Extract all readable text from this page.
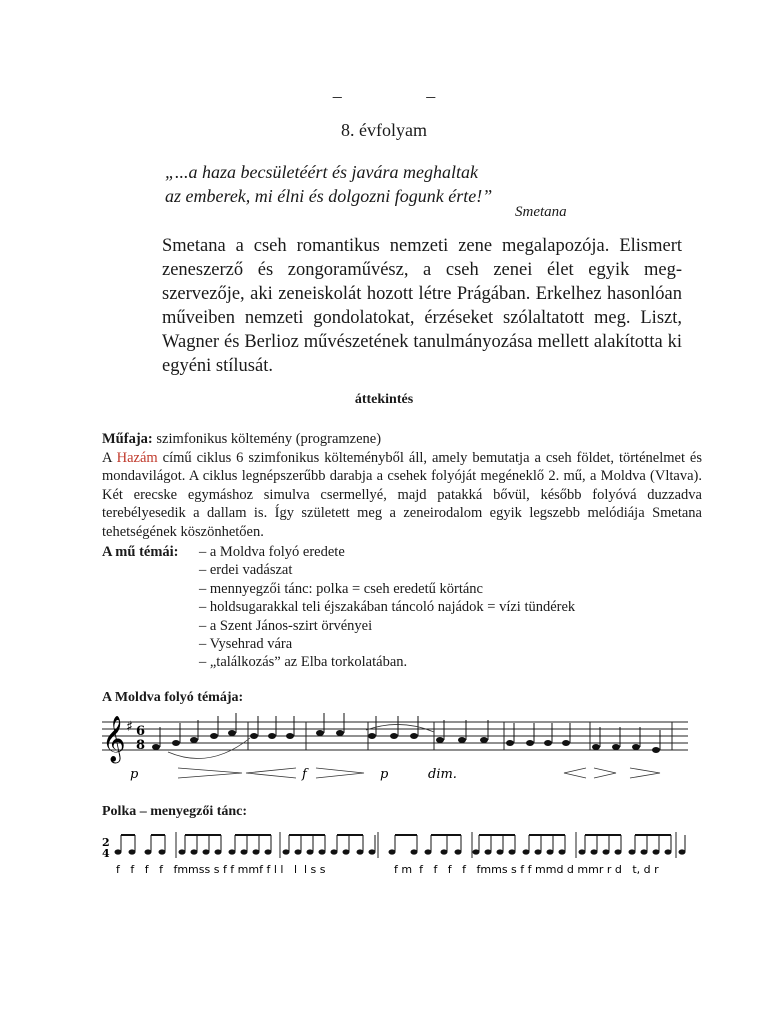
– –
8. évfolyam
„...a haza becsületéért és javára meghaltak
az emberek, mi élni és dolgozni fogunk érte!”
Smetana
Smetana a cseh romantikus nemzeti zene megalapozója. Elismert zeneszerző és zongoraművész, a cseh zenei élet egyik meg-szervezője, aki zeneiskolát hozott létre Prágában. Erkelhez hasonlóan műveiben nemzeti gondolatokat, érzéseket szólaltatott meg. Liszt, Wagner és Berlioz művészetének tanulmányozása mellett alakította ki egyéni stílusát.
áttekintés
Műfaja: szimfonikus költemény (programzene)
A Hazám című ciklus 6 szimfonikus költeményből áll, amely bemutatja a cseh földet, történelmet és mondavilágot. A ciklus legnépszerűbb darabja a csehek folyóját megéneklő 2. mű, a Moldva (Vltava). Két erecske egymáshoz simulva csermellyé, majd patakká bővül, később folyóvá duzzadva terebélyesedik a dallam is. Így született meg a zeneirodalom egyik legszebb melódiája Smetana tehetségének köszönhetően.
A mű témái: – a Moldva folyó eredete
– erdei vadászat
– mennyegzői tánc: polka = cseh eredetű körtánc
– holdsugarakkal teli éjszakában táncoló najádok = vízi tündérek
– a Szent János-szirt örvényei
– Vysehrad vára
– „találkozás” az Elba torkolatában.
A Moldva folyó témája:
Polka – menyegzői tánc:
𝄞 ♯ 6
8
p	f	p	dim.
2
4
f   f   f   f   fmmss s f f mmf f l l   l  l s s	f m  f   f   f   f   fmms s f f mmd d mmr r d   t, d r
